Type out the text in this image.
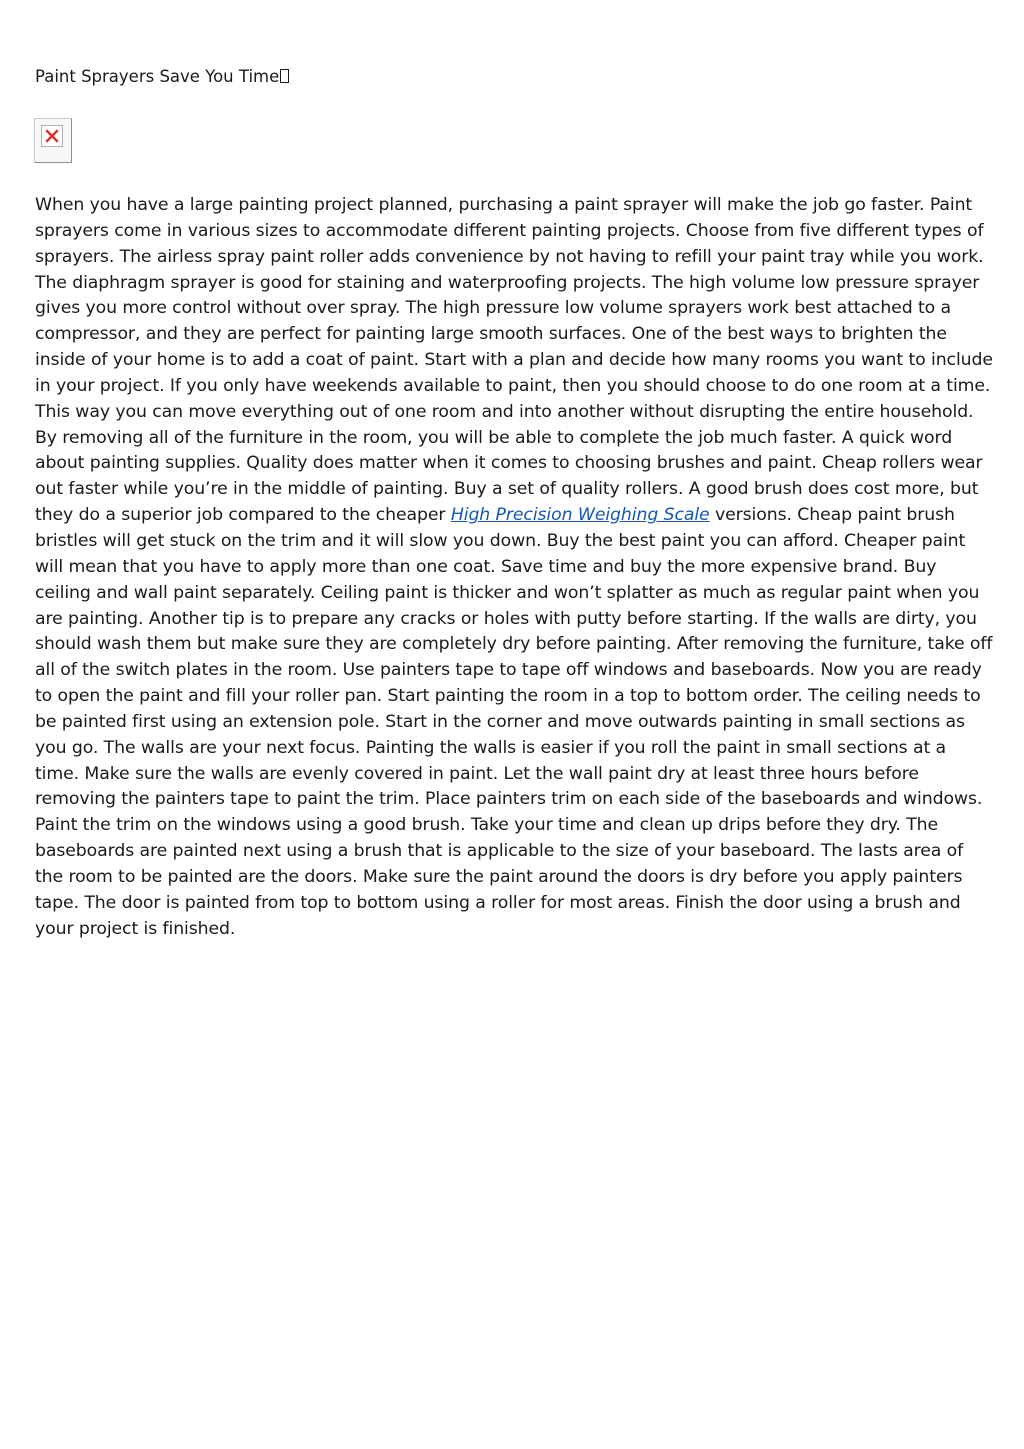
Paint Sprayers Save You Time

When you have a large painting project planned, purchasing a paint sprayer will make the job go faster. Paint sprayers come in various sizes to accommodate different painting projects. Choose from five different types of sprayers. The airless spray paint roller adds convenience by not having to refill your paint tray while you work. The diaphragm sprayer is good for staining and waterproofing projects. The high volume low pressure sprayer gives you more control without over spray. The high pressure low volume sprayers work best attached to a compressor, and they are perfect for painting large smooth surfaces. One of the best ways to brighten the inside of your home is to add a coat of paint. Start with a plan and decide how many rooms you want to include in your project. If you only have weekends available to paint, then you should choose to do one room at a time. This way you can move everything out of one room and into another without disrupting the entire household. By removing all of the furniture in the room, you will be able to complete the job much faster. A quick word about painting supplies. Quality does matter when it comes to choosing brushes and paint. Cheap rollers wear out faster while you’re in the middle of painting. Buy a set of quality rollers. A good brush does cost more, but they do a superior job compared to the cheaper High Precision Weighing Scale versions. Cheap paint brush bristles will get stuck on the trim and it will slow you down. Buy the best paint you can afford. Cheaper paint will mean that you have to apply more than one coat. Save time and buy the more expensive brand. Buy ceiling and wall paint separately. Ceiling paint is thicker and won’t splatter as much as regular paint when you are painting. Another tip is to prepare any cracks or holes with putty before starting. If the walls are dirty, you should wash them but make sure they are completely dry before painting. After removing the furniture, take off all of the switch plates in the room. Use painters tape to tape off windows and baseboards. Now you are ready to open the paint and fill your roller pan. Start painting the room in a top to bottom order. The ceiling needs to be painted first using an extension pole. Start in the corner and move outwards painting in small sections as you go. The walls are your next focus. Painting the walls is easier if you roll the paint in small sections at a time. Make sure the walls are evenly covered in paint. Let the wall paint dry at least three hours before removing the painters tape to paint the trim. Place painters trim on each side of the baseboards and windows. Paint the trim on the windows using a good brush. Take your time and clean up drips before they dry. The baseboards are painted next using a brush that is applicable to the size of your baseboard. The lasts area of the room to be painted are the doors. Make sure the paint around the doors is dry before you apply painters tape. The door is painted from top to bottom using a roller for most areas. Finish the door using a brush and your project is finished.
